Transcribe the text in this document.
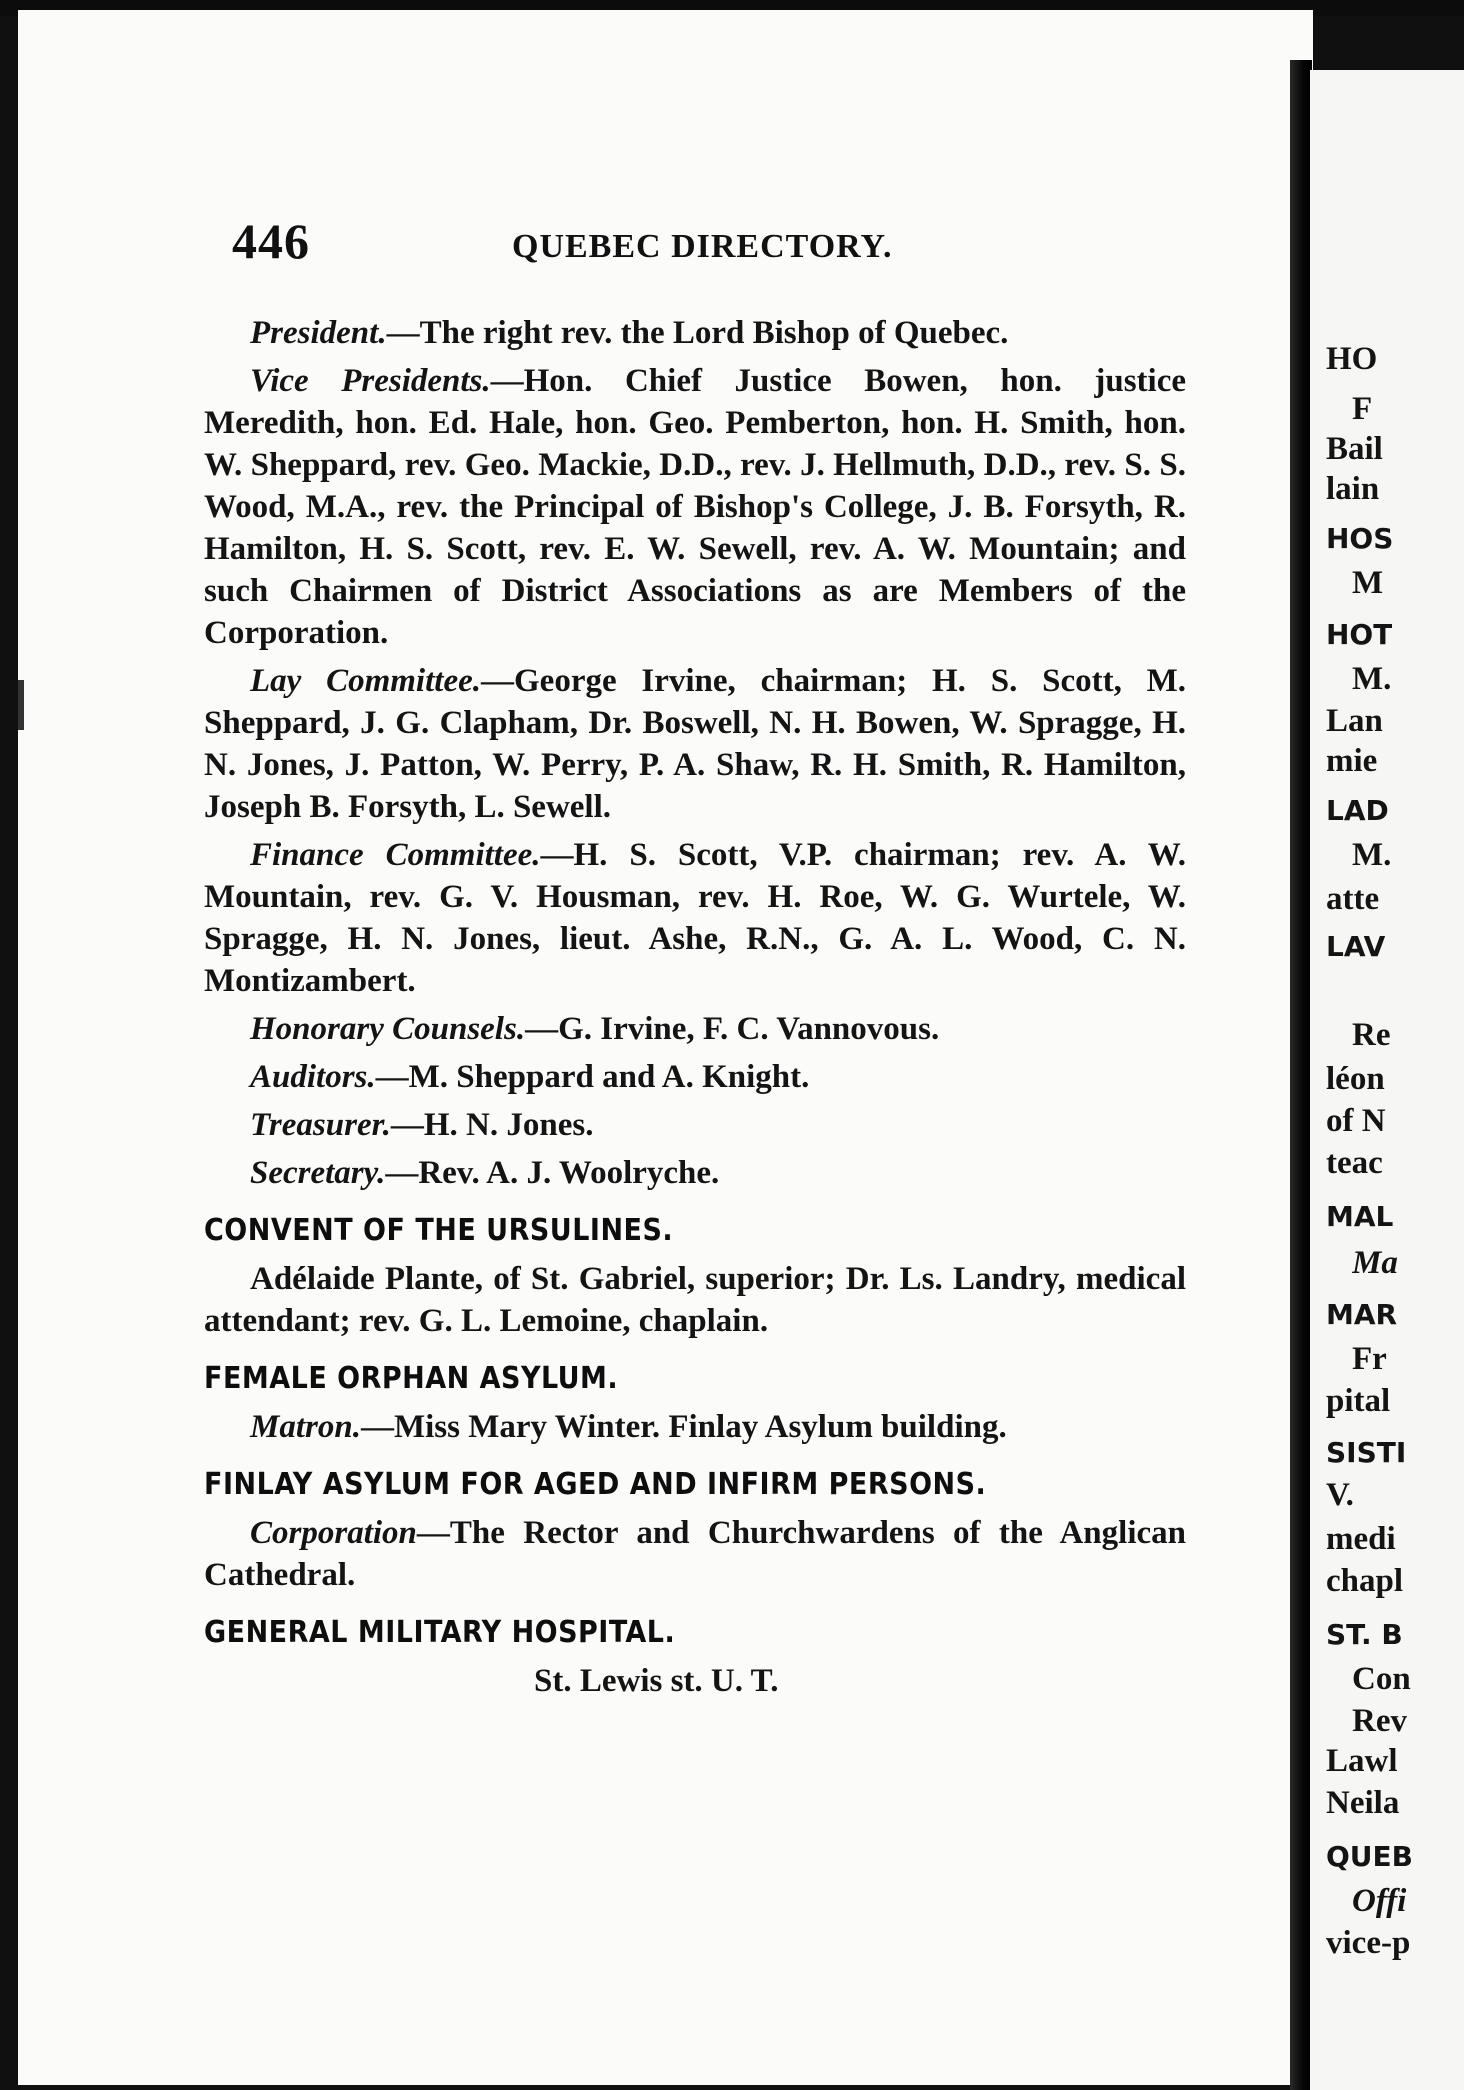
446	QUEBEC DIRECTORY.

President.—The right rev. the Lord Bishop of Quebec.

Vice Presidents.—Hon. Chief Justice Bowen, hon. justice Meredith, hon. Ed. Hale, hon. Geo. Pemberton, hon. H. Smith, hon. W. Sheppard, rev. Geo. Mackie, D.D., rev. J. Hellmuth, D.D., rev. S. S. Wood, M.A., rev. the Principal of Bishop's College, J. B. Forsyth, R. Hamilton, H. S. Scott, rev. E. W. Sewell, rev. A. W. Mountain; and such Chairmen of District Associations as are Members of the Corporation.

Lay Committee.—George Irvine, chairman; H. S. Scott, M. Sheppard, J. G. Clapham, Dr. Boswell, N. H. Bowen, W. Spragge, H. N. Jones, J. Patton, W. Perry, P. A. Shaw, R. H. Smith, R. Hamilton, Joseph B. Forsyth, L. Sewell.

Finance Committee.—H. S. Scott, V.P. chairman; rev. A. W. Mountain, rev. G. V. Housman, rev. H. Roe, W. G. Wurtele, W. Spragge, H. N. Jones, lieut. Ashe, R.N., G. A. L. Wood, C. N. Montizambert.

Honorary Counsels.—G. Irvine, F. C. Vannovous.

Auditors.—M. Sheppard and A. Knight.

Treasurer.—H. N. Jones.

Secretary.—Rev. A. J. Woolryche.

CONVENT OF THE URSULINES.

Adélaide Plante, of St. Gabriel, superior; Dr. Ls. Landry, medical attendant; rev. G. L. Lemoine, chaplain.

FEMALE ORPHAN ASYLUM.

Matron.—Miss Mary Winter. Finlay Asylum building.

FINLAY ASYLUM FOR AGED AND INFIRM PERSONS.

Corporation—The Rector and Churchwardens of the Anglican Cathedral.

GENERAL MILITARY HOSPITAL.

St. Lewis st. U. T.

HO
F
Bail
lain
HOS
M
HOT
M.
Lan
mie
LAD
M.
atte
LAV
Re
léon
of N
teac
MAL
Ma
MAR
Fr
pital
SISTI
V.
medi
chapl
ST. B
Con
Rev
Lawl
Neila
QUEB
Offi
vice-p
